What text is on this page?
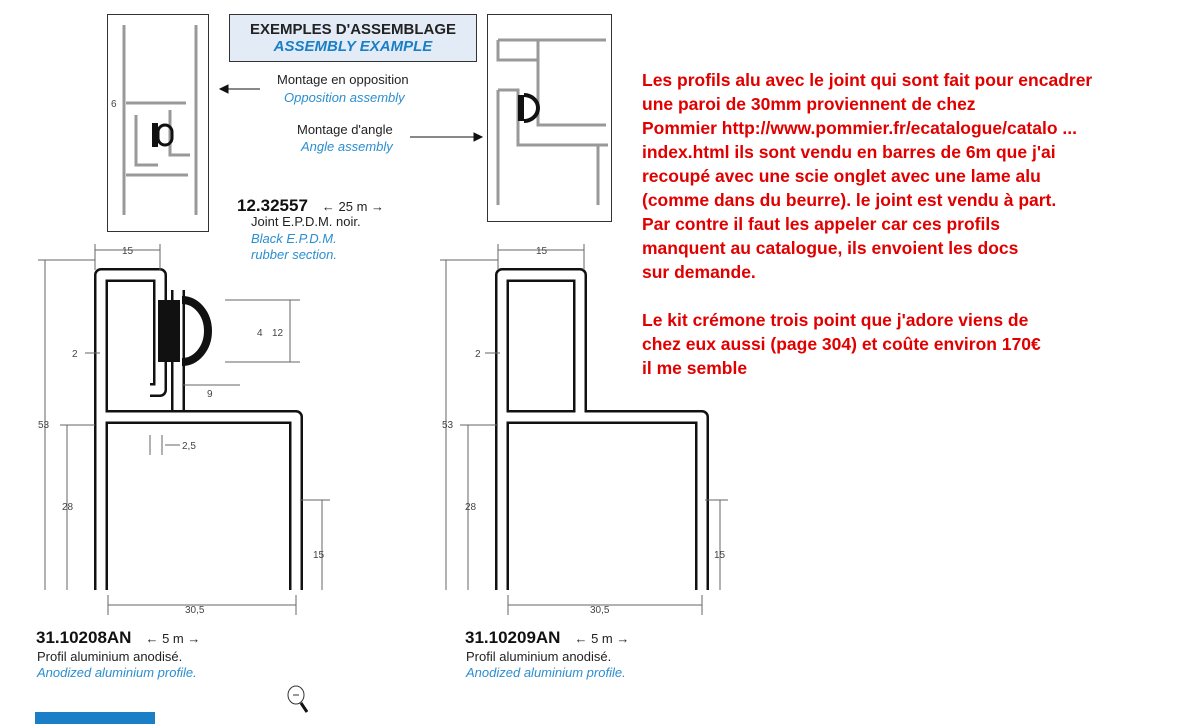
EXEMPLES D'ASSEMBLAGE
ASSEMBLY EXAMPLE
6
Montage en opposition
Opposition assembly
Montage d'angle
Angle assembly
12.32557 ← 25 m →
Joint E.P.D.M. noir.
Black E.P.D.M.
rubber section.
15
2
4 12
9
2,5
53
28
15
30,5
15
2
53
28
15
30,5
31.10208AN ← 5 m →
Profil aluminium anodisé.
Anodized aluminium profile.
31.10209AN ← 5 m →
Profil aluminium anodisé.
Anodized aluminium profile.
Les profils alu avec le joint qui sont fait pour encadrer
une paroi de 30mm proviennent de chez
Pommier http://www.pommier.fr/ecatalogue/catalo ...
index.html ils sont vendu en barres de 6m que j'ai
recoupé avec une scie onglet avec une lame alu
(comme dans du beurre). le joint est vendu à part.
Par contre il faut les appeler car ces profils
manquent au catalogue, ils envoient les docs
sur demande.
Le kit crémone trois point que j'adore viens de
chez eux aussi (page 304) et coûte environ 170€
il me semble
